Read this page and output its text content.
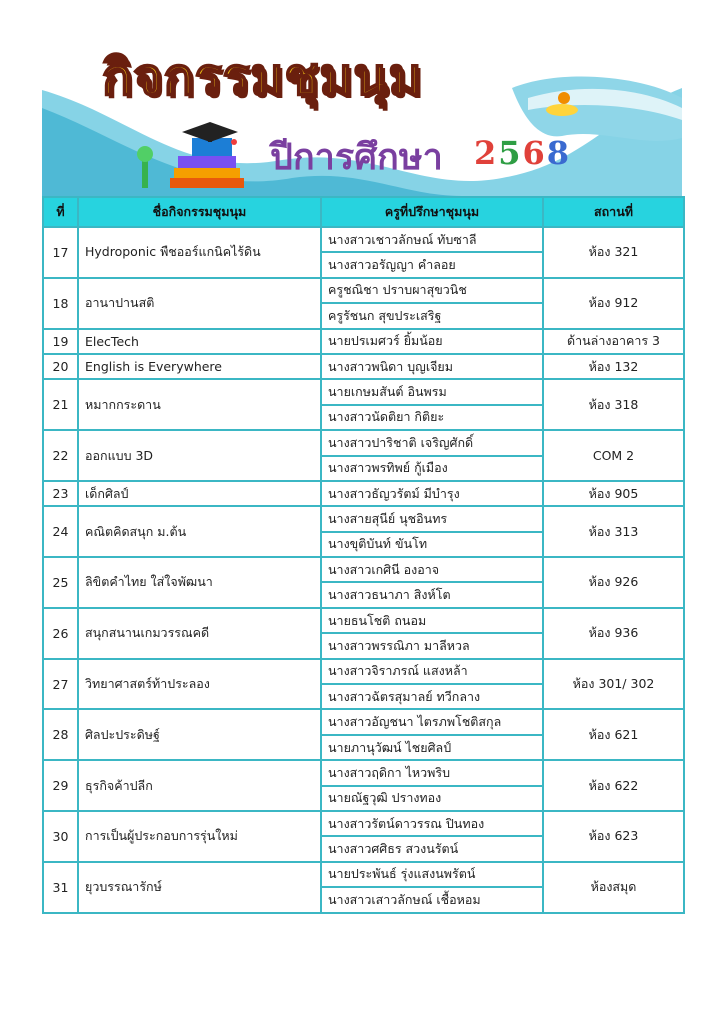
กิจกรรมชุมนุม
ปีการศึกษา 2568
ที่	ชื่อกิจกรรมชุมนุม	ครูที่ปรึกษาชุมนุม	สถานที่
17	Hydroponic พืชออร์แกนิคไร้ดิน	นางสาวเชาวลักษณ์ ทับซาลี	ห้อง 321
		นางสาวอรัญญา คำลอย	
18	อานาปานสติ	ครูชณิชา ปราบผาสุขวนิช	ห้อง 912
		ครูรัชนก สุขประเสริฐ	
19	ElecTech	นายปรเมศวร์ ยิ้มน้อย	ด้านล่างอาคาร 3
20	English is Everywhere	นางสาวพนิดา บุญเจียม	ห้อง 132
21	หมากกระดาน	นายเกษมสันต์ อินพรม	ห้อง 318
		นางสาวนัดติยา กิติยะ	
22	ออกแบบ 3D	นางสาวปาริชาติ เจริญศักดิ์	COM 2
		นางสาวพรทิพย์ กู้เมือง	
23	เด็กศิลป์	นางสาวธัญวรัตม์ มีบำรุง	ห้อง 905
24	คณิตคิดสนุก ม.ต้น	นางสายสุนีย์ นุชอินทร	ห้อง 313
		นางขุติบันท์ ขันโท	
25	ลิขิตคำไทย ใส่ใจพัฒนา	นางสาวเกศินี องอาจ	ห้อง 926
		นางสาวธนาภา สิงห์โต	
26	สนุกสนานเกมวรรณคดี	นายธนโชติ ถนอม	ห้อง 936
		นางสาวพรรณิภา มาลีหวล	
27	วิทยาศาสตร์ท้าประลอง	นางสาวจิราภรณ์ แสงหล้า	ห้อง 301/ 302
		นางสาวฉัตรสุมาลย์ ทวีกลาง	
28	ศิลปะประดิษฐ์	นางสาวอัญชนา ไตรภพโชติสกุล	ห้อง 621
		นายภานุวัฒน์ ไชยศิลป์	
29	ธุรกิจค้าปลีก	นางสาวฤดิกา ไหวพริบ	ห้อง 622
		นายณัฐวุฒิ ปรางทอง	
30	การเป็นผู้ประกอบการรุ่นใหม่	นางสาวรัตน์ดาวรรณ ปินทอง	ห้อง 623
		นางสาวศศิธร สวงนรัตน์	
31	ยุวบรรณารักษ์	นายประพันธ์ รุ่งแสงนพรัตน์	ห้องสมุด
		นางสาวเสาวลักษณ์ เชื้อหอม	
